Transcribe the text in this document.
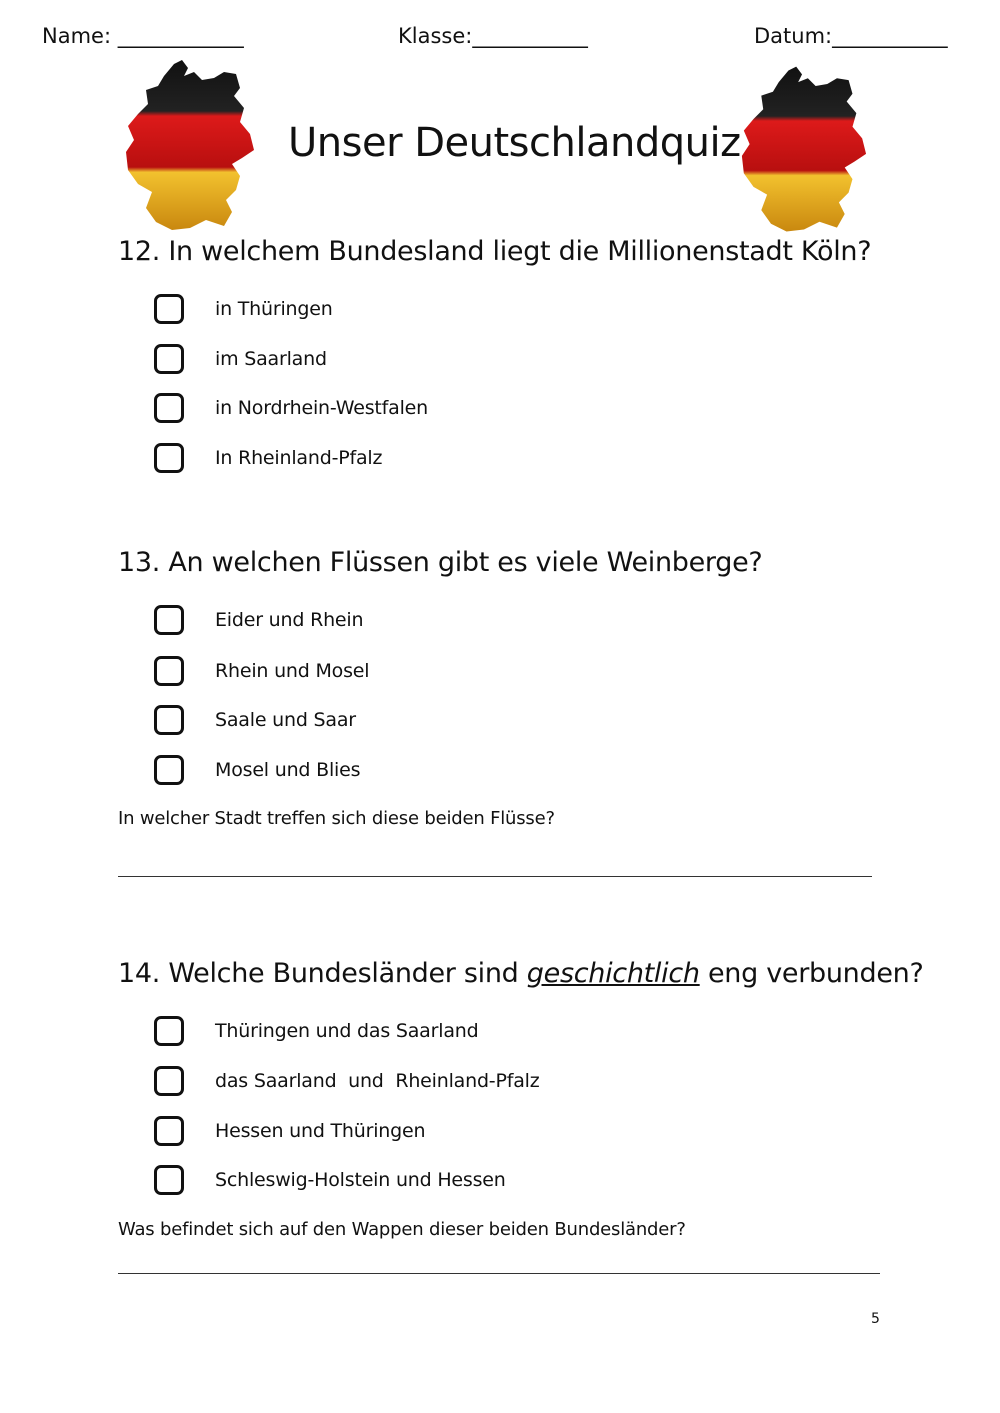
Name: ____________	Klasse:___________	Datum:___________
Unser Deutschlandquiz
12. In welchem Bundesland liegt die Millionenstadt Köln?
in Thüringen
im Saarland
in Nordrhein-Westfalen
In Rheinland-Pfalz
13. An welchen Flüssen gibt es viele Weinberge?
Eider und Rhein
Rhein und Mosel
Saale und Saar
Mosel und Blies
In welcher Stadt treffen sich diese beiden Flüsse?
14. Welche Bundesländer sind geschichtlich eng verbunden?
Thüringen und das Saarland
das Saarland  und  Rheinland-Pfalz
Hessen und Thüringen
Schleswig-Holstein und Hessen
Was befindet sich auf den Wappen dieser beiden Bundesländer?
5
